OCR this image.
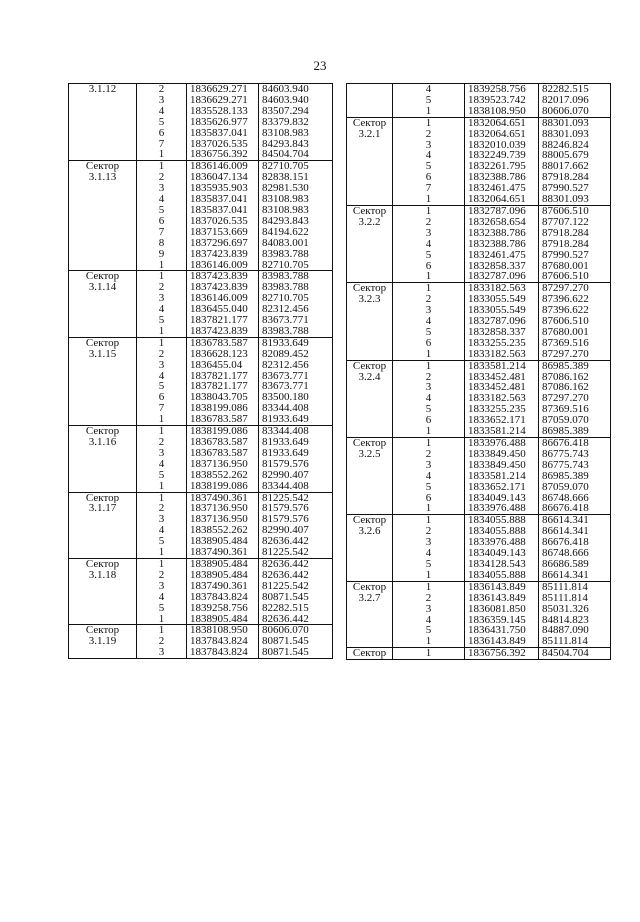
23
3.1.12	2	1836629.271	84603.940
	3	1836629.271	84603.940
	4	1835528.133	83507.294
	5	1835626.977	83379.832
	6	1835837.041	83108.983
	7	1837026.535	84293.843
	1	1836756.392	84504.704
Сектор	1	1836146.009	82710.705
3.1.13	2	1836047.134	82838.151
	3	1835935.903	82981.530
	4	1835837.041	83108.983
	5	1835837.041	83108.983
	6	1837026.535	84293.843
	7	1837153.669	84194.622
	8	1837296.697	84083.001
	9	1837423.839	83983.788
	1	1836146.009	82710.705
Сектор	1	1837423.839	83983.788
3.1.14	2	1837423.839	83983.788
	3	1836146.009	82710.705
	4	1836455.040	82312.456
	5	1837821.177	83673.771
	1	1837423.839	83983.788
Сектор	1	1836783.587	81933.649
3.1.15	2	1836628.123	82089.452
	3	1836455.04	82312.456
	4	1837821.177	83673.771
	5	1837821.177	83673.771
	6	1838043.705	83500.180
	7	1838199.086	83344.408
	1	1836783.587	81933.649
Сектор	1	1838199.086	83344.408
3.1.16	2	1836783.587	81933.649
	3	1836783.587	81933.649
	4	1837136.950	81579.576
	5	1838552.262	82990.407
	1	1838199.086	83344.408
Сектор	1	1837490.361	81225.542
3.1.17	2	1837136.950	81579.576
	3	1837136.950	81579.576
	4	1838552.262	82990.407
	5	1838905.484	82636.442
	1	1837490.361	81225.542
Сектор	1	1838905.484	82636.442
3.1.18	2	1838905.484	82636.442
	3	1837490.361	81225.542
	4	1837843.824	80871.545
	5	1839258.756	82282.515
	1	1838905.484	82636.442
Сектор	1	1838108.950	80606.070
3.1.19	2	1837843.824	80871.545
	3	1837843.824	80871.545
	4	1839258.756	82282.515
	5	1839523.742	82017.096
	1	1838108.950	80606.070
Сектор	1	1832064.651	88301.093
3.2.1	2	1832064.651	88301.093
	3	1832010.039	88246.824
	4	1832249.739	88005.679
	5	1832261.795	88017.662
	6	1832388.786	87918.284
	7	1832461.475	87990.527
	1	1832064.651	88301.093
Сектор	1	1832787.096	87606.510
3.2.2	2	1832658.654	87707.122
	3	1832388.786	87918.284
	4	1832388.786	87918.284
	5	1832461.475	87990.527
	6	1832858.337	87680.001
	1	1832787.096	87606.510
Сектор	1	1833182.563	87297.270
3.2.3	2	1833055.549	87396.622
	3	1833055.549	87396.622
	4	1832787.096	87606.510
	5	1832858.337	87680.001
	6	1833255.235	87369.516
	1	1833182.563	87297.270
Сектор	1	1833581.214	86985.389
3.2.4	2	1833452.481	87086.162
	3	1833452.481	87086.162
	4	1833182.563	87297.270
	5	1833255.235	87369.516
	6	1833652.171	87059.070
	1	1833581.214	86985.389
Сектор	1	1833976.488	86676.418
3.2.5	2	1833849.450	86775.743
	3	1833849.450	86775.743
	4	1833581.214	86985.389
	5	1833652.171	87059.070
	6	1834049.143	86748.666
	1	1833976.488	86676.418
Сектор	1	1834055.888	86614.341
3.2.6	2	1834055.888	86614.341
	3	1833976.488	86676.418
	4	1834049.143	86748.666
	5	1834128.543	86686.589
	1	1834055.888	86614.341
Сектор	1	1836143.849	85111.814
3.2.7	2	1836143.849	85111.814
	3	1836081.850	85031.326
	4	1836359.145	84814.823
	5	1836431.750	84887.090
	1	1836143.849	85111.814
Сектор	1	1836756.392	84504.704
